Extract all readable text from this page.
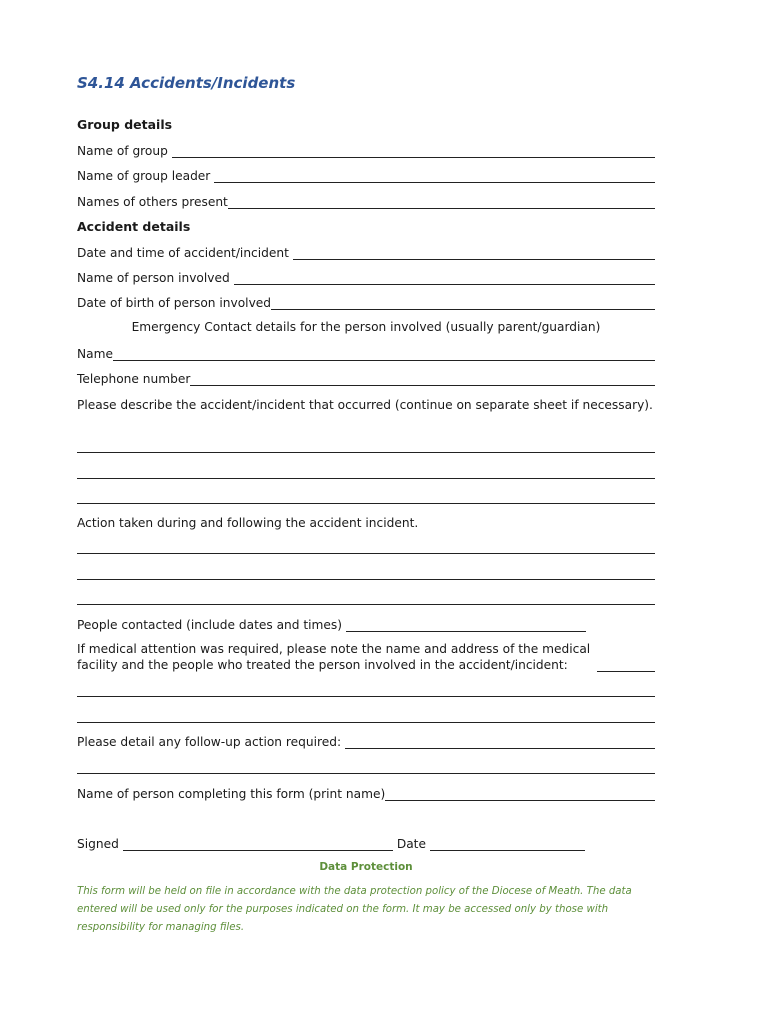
S4.14 Accidents/Incidents
Group details
Name of group
Name of group leader
Names of others present
Accident details
Date and time of accident/incident
Name of person involved
Date of birth of person involved

Emergency Contact details for the person involved (usually parent/guardian)

Name
Telephone number

Please describe the accident/incident that occurred (continue on separate sheet if necessary).

Action taken during and following the accident incident.

People contacted (include dates and times)

If medical attention was required, please note the name and address of the medical facility and the people who treated the person involved in the accident/incident:

Please detail any follow-up action required:
Name of person completing this form (print name)
Signed	Date

Data Protection

This form will be held on file in accordance with the data protection policy of the Diocese of Meath. The data entered will be used only for the purposes indicated on the form. It may be accessed only by those with responsibility for managing files.
